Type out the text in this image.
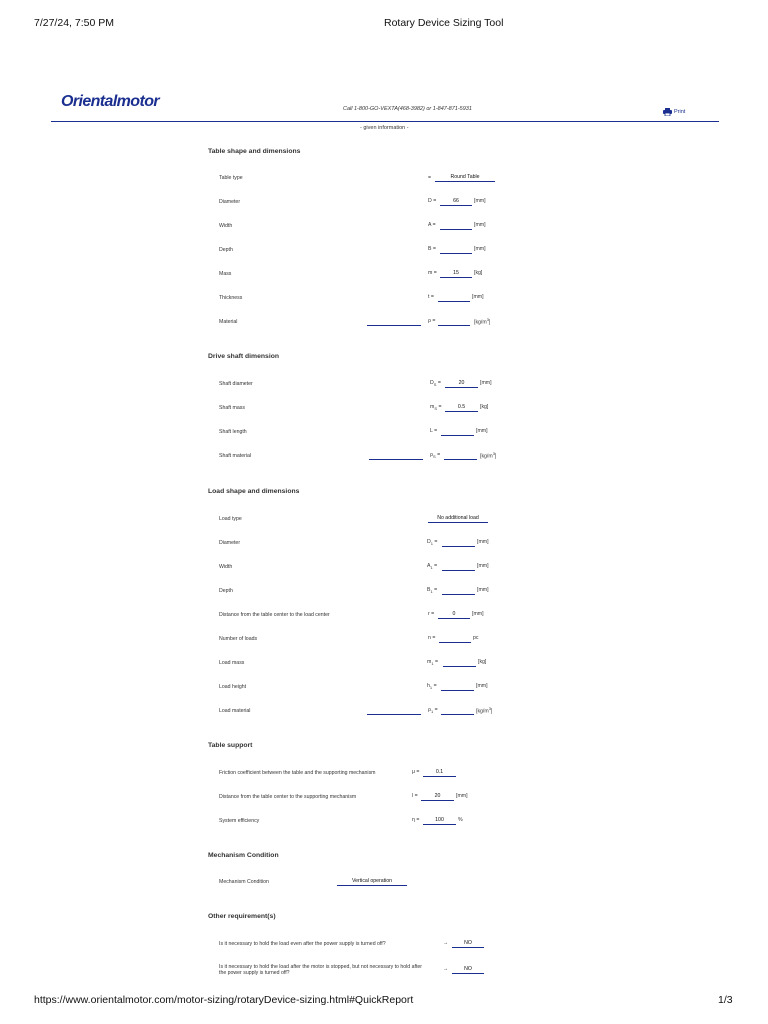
7/27/24, 7:50 PM	Rotary Device Sizing Tool
Orientalmotor	Call 1-800-GO-VEXTA(468-3982) or 1-847-871-5931	Print
- given information -
Table shape and dimensions
Table type	=	Round Table
Diameter	D =	66	[mm]
Width	A =	[mm]
Depth	B =	[mm]
Mass	m =	15	[kg]
Thickness	t =	[mm]
Material	ρ =	$[kg/m^3]$
Drive shaft dimension
Shaft diameter	$D_S$ =	20	[mm]
Shaft mass	$m_S$ =	0.5	[kg]
Shaft length	L =	[mm]
Shaft material	$\rho_S$ =	$[kg/m^3]$
Load shape and dimensions
Load type	No additional load
Diameter	$D_1$ =	[mm]
Width	$A_1$ =	[mm]
Depth	$B_1$ =	[mm]
Distance from the table center to the load center	r =	0	[mm]
Number of loads	n =	pc
Load mass	$m_1$ =	[kg]
Load height	$h_1$ =	[mm]
Load material	$\rho_1$ =	$[kg/m^3]$
Table support
Friction coefficient between the table and the supporting mechanism	μ =	0.1
Distance from the table center to the supporting mechanism	l =	20	[mm]
System efficiency	η =	100	%
Mechanism Condition
Mechanism Condition	Vertical operation
Other requirement(s)
Is it necessary to hold the load even after the power supply is turned off?	→	NO
Is it necessary to hold the load after the motor is stopped, but not necessary to hold after
the power supply is turned off?
→	NO
https://www.orientalmotor.com/motor-sizing/rotaryDevice-sizing.html#QuickReport	1/3
